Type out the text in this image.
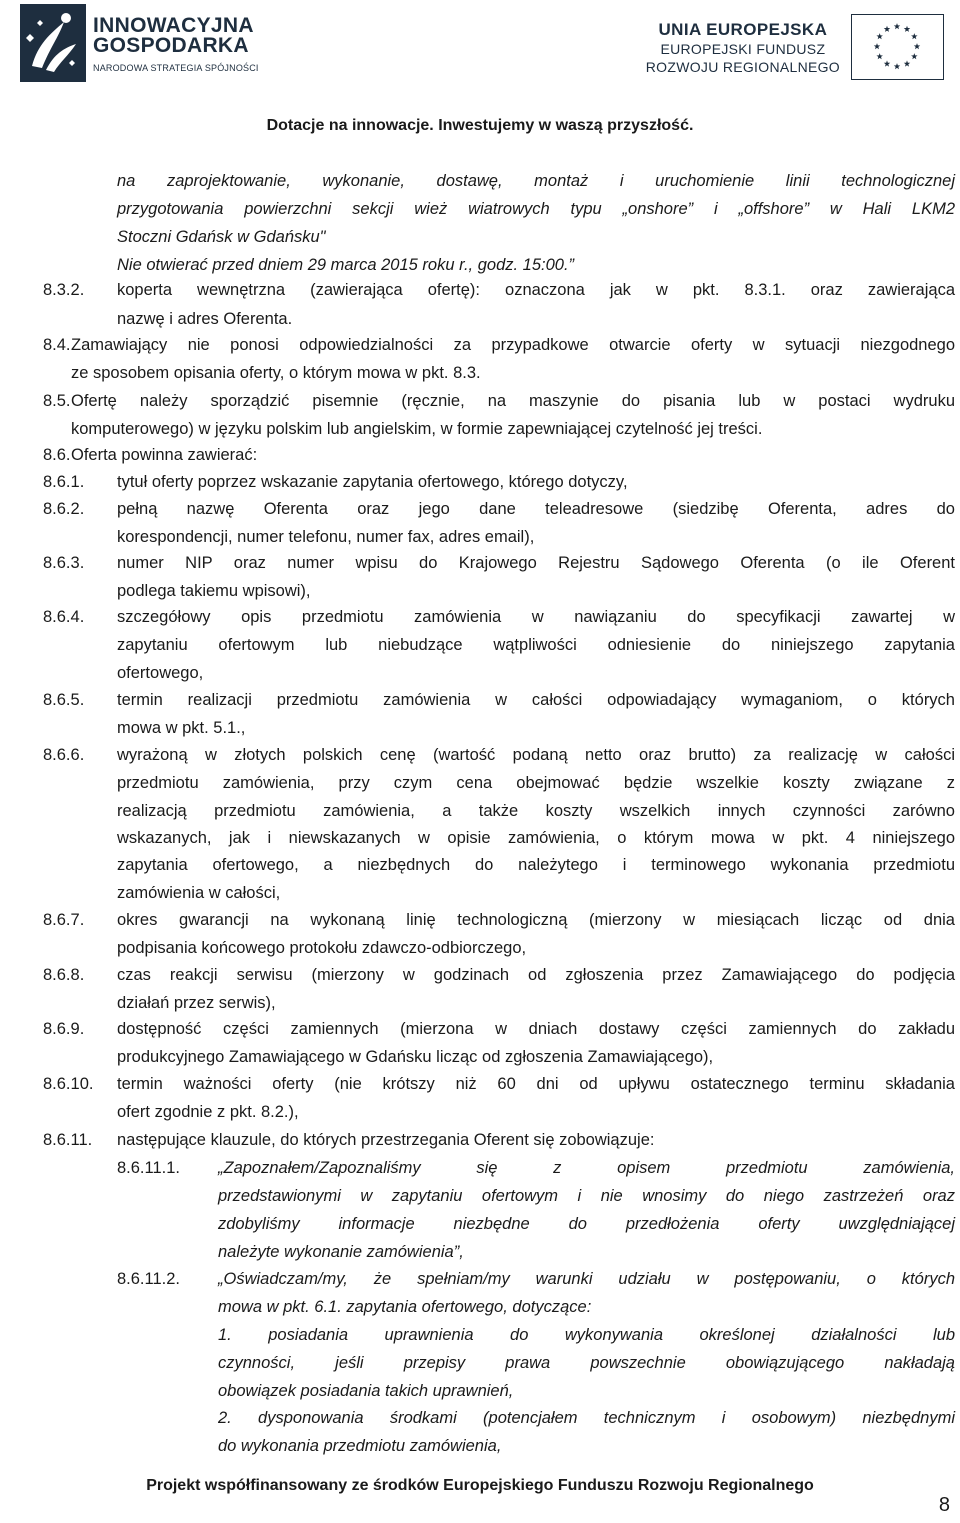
INNOWACYJNA
GOSPODARKA
NARODOWA STRATEGIA SPÓJNOŚCI
UNIA EUROPEJSKA
EUROPEJSKI FUNDUSZ
ROZWOJU REGIONALNEGO
Dotacje na innowacje. Inwestujemy w waszą przyszłość.
na zaprojektowanie, wykonanie, dostawę, montaż i uruchomienie linii technologicznej
przygotowania powierzchni sekcji wież wiatrowych typu „onshore” i „offshore” w Hali LKM2
Stoczni Gdańsk w Gdańsku"
Nie otwierać przed dniem 29 marca 2015 roku r., godz. 15:00.”
8.3.2. koperta wewnętrzna (zawierająca ofertę): oznaczona jak w pkt. 8.3.1. oraz zawierająca
nazwę i adres Oferenta.
8.4. Zamawiający nie ponosi odpowiedzialności za przypadkowe otwarcie oferty w sytuacji niezgodnego
ze sposobem opisania oferty, o którym mowa w pkt. 8.3.
8.5. Ofertę należy sporządzić pisemnie (ręcznie, na maszynie do pisania lub w postaci wydruku
komputerowego) w języku polskim lub angielskim, w formie zapewniającej czytelność jej treści.
8.6. Oferta powinna zawierać:
8.6.1. tytuł oferty poprzez wskazanie zapytania ofertowego, którego dotyczy,
8.6.2. pełną nazwę Oferenta oraz jego dane teleadresowe (siedzibę Oferenta, adres do
korespondencji, numer telefonu, numer fax, adres email),
8.6.3. numer NIP oraz numer wpisu do Krajowego Rejestru Sądowego Oferenta (o ile Oferent
podlega takiemu wpisowi),
8.6.4. szczegółowy opis przedmiotu zamówienia w nawiązaniu do specyfikacji zawartej w
zapytaniu ofertowym lub niebudzące wątpliwości odniesienie do niniejszego zapytania
ofertowego,
8.6.5. termin realizacji przedmiotu zamówienia w całości odpowiadający wymaganiom, o których
mowa w pkt. 5.1.,
8.6.6. wyrażoną w złotych polskich cenę (wartość podaną netto oraz brutto) za realizację w całości
przedmiotu zamówienia, przy czym cena obejmować będzie wszelkie koszty związane z
realizacją przedmiotu zamówienia, a także koszty wszelkich innych czynności zarówno
wskazanych, jak i niewskazanych w opisie zamówienia, o którym mowa w pkt. 4 niniejszego
zapytania ofertowego, a niezbędnych do należytego i terminowego wykonania przedmiotu
zamówienia w całości,
8.6.7. okres gwarancji na wykonaną linię technologiczną (mierzony w miesiącach licząc od dnia
podpisania końcowego protokołu zdawczo-odbiorczego,
8.6.8. czas reakcji serwisu (mierzony w godzinach od zgłoszenia przez Zamawiającego do podjęcia
działań przez serwis),
8.6.9. dostępność części zamiennych (mierzona w dniach dostawy części zamiennych do zakładu
produkcyjnego Zamawiającego w Gdańsku licząc od zgłoszenia Zamawiającego),
8.6.10. termin ważności oferty (nie krótszy niż 60 dni od upływu ostatecznego terminu składania
ofert zgodnie z pkt. 8.2.),
8.6.11. następujące klauzule, do których przestrzegania Oferent się zobowiązuje:
8.6.11.1. „Zapoznałem/Zapoznaliśmy się z opisem przedmiotu zamówienia,
przedstawionymi w zapytaniu ofertowym i nie wnosimy do niego zastrzeżeń oraz
zdobyliśmy informacje niezbędne do przedłożenia oferty uwzględniającej
należyte wykonanie zamówienia”,
8.6.11.2. „Oświadczam/my, że spełniam/my warunki udziału w postępowaniu, o których
mowa w pkt. 6.1. zapytania ofertowego, dotyczące:
1. posiadania uprawnienia do wykonywania określonej działalności lub
czynności, jeśli przepisy prawa powszechnie obowiązującego nakładają
obowiązek posiadania takich uprawnień,
2. dysponowania środkami (potencjałem technicznym i osobowym) niezbędnymi
do wykonania przedmiotu zamówienia,
Projekt współfinansowany ze środków Europejskiego Funduszu Rozwoju Regionalnego
8
